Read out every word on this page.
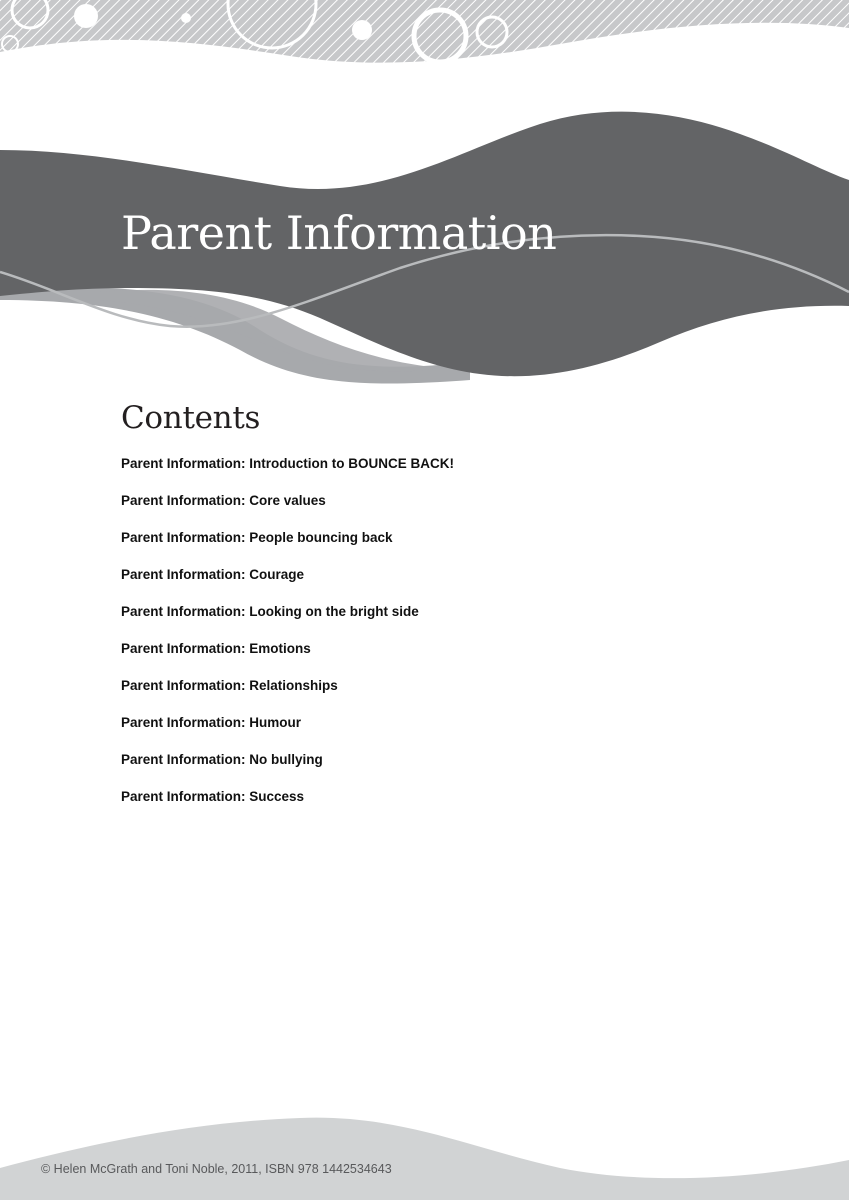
Parent Information
Contents
Parent Information: Introduction to BOUNCE BACK!
Parent Information: Core values
Parent Information: People bouncing back
Parent Information: Courage
Parent Information: Looking on the bright side
Parent Information: Emotions
Parent Information: Relationships
Parent Information: Humour
Parent Information: No bullying
Parent Information: Success
© Helen McGrath and Toni Noble, 2011, ISBN 978 1442534643
